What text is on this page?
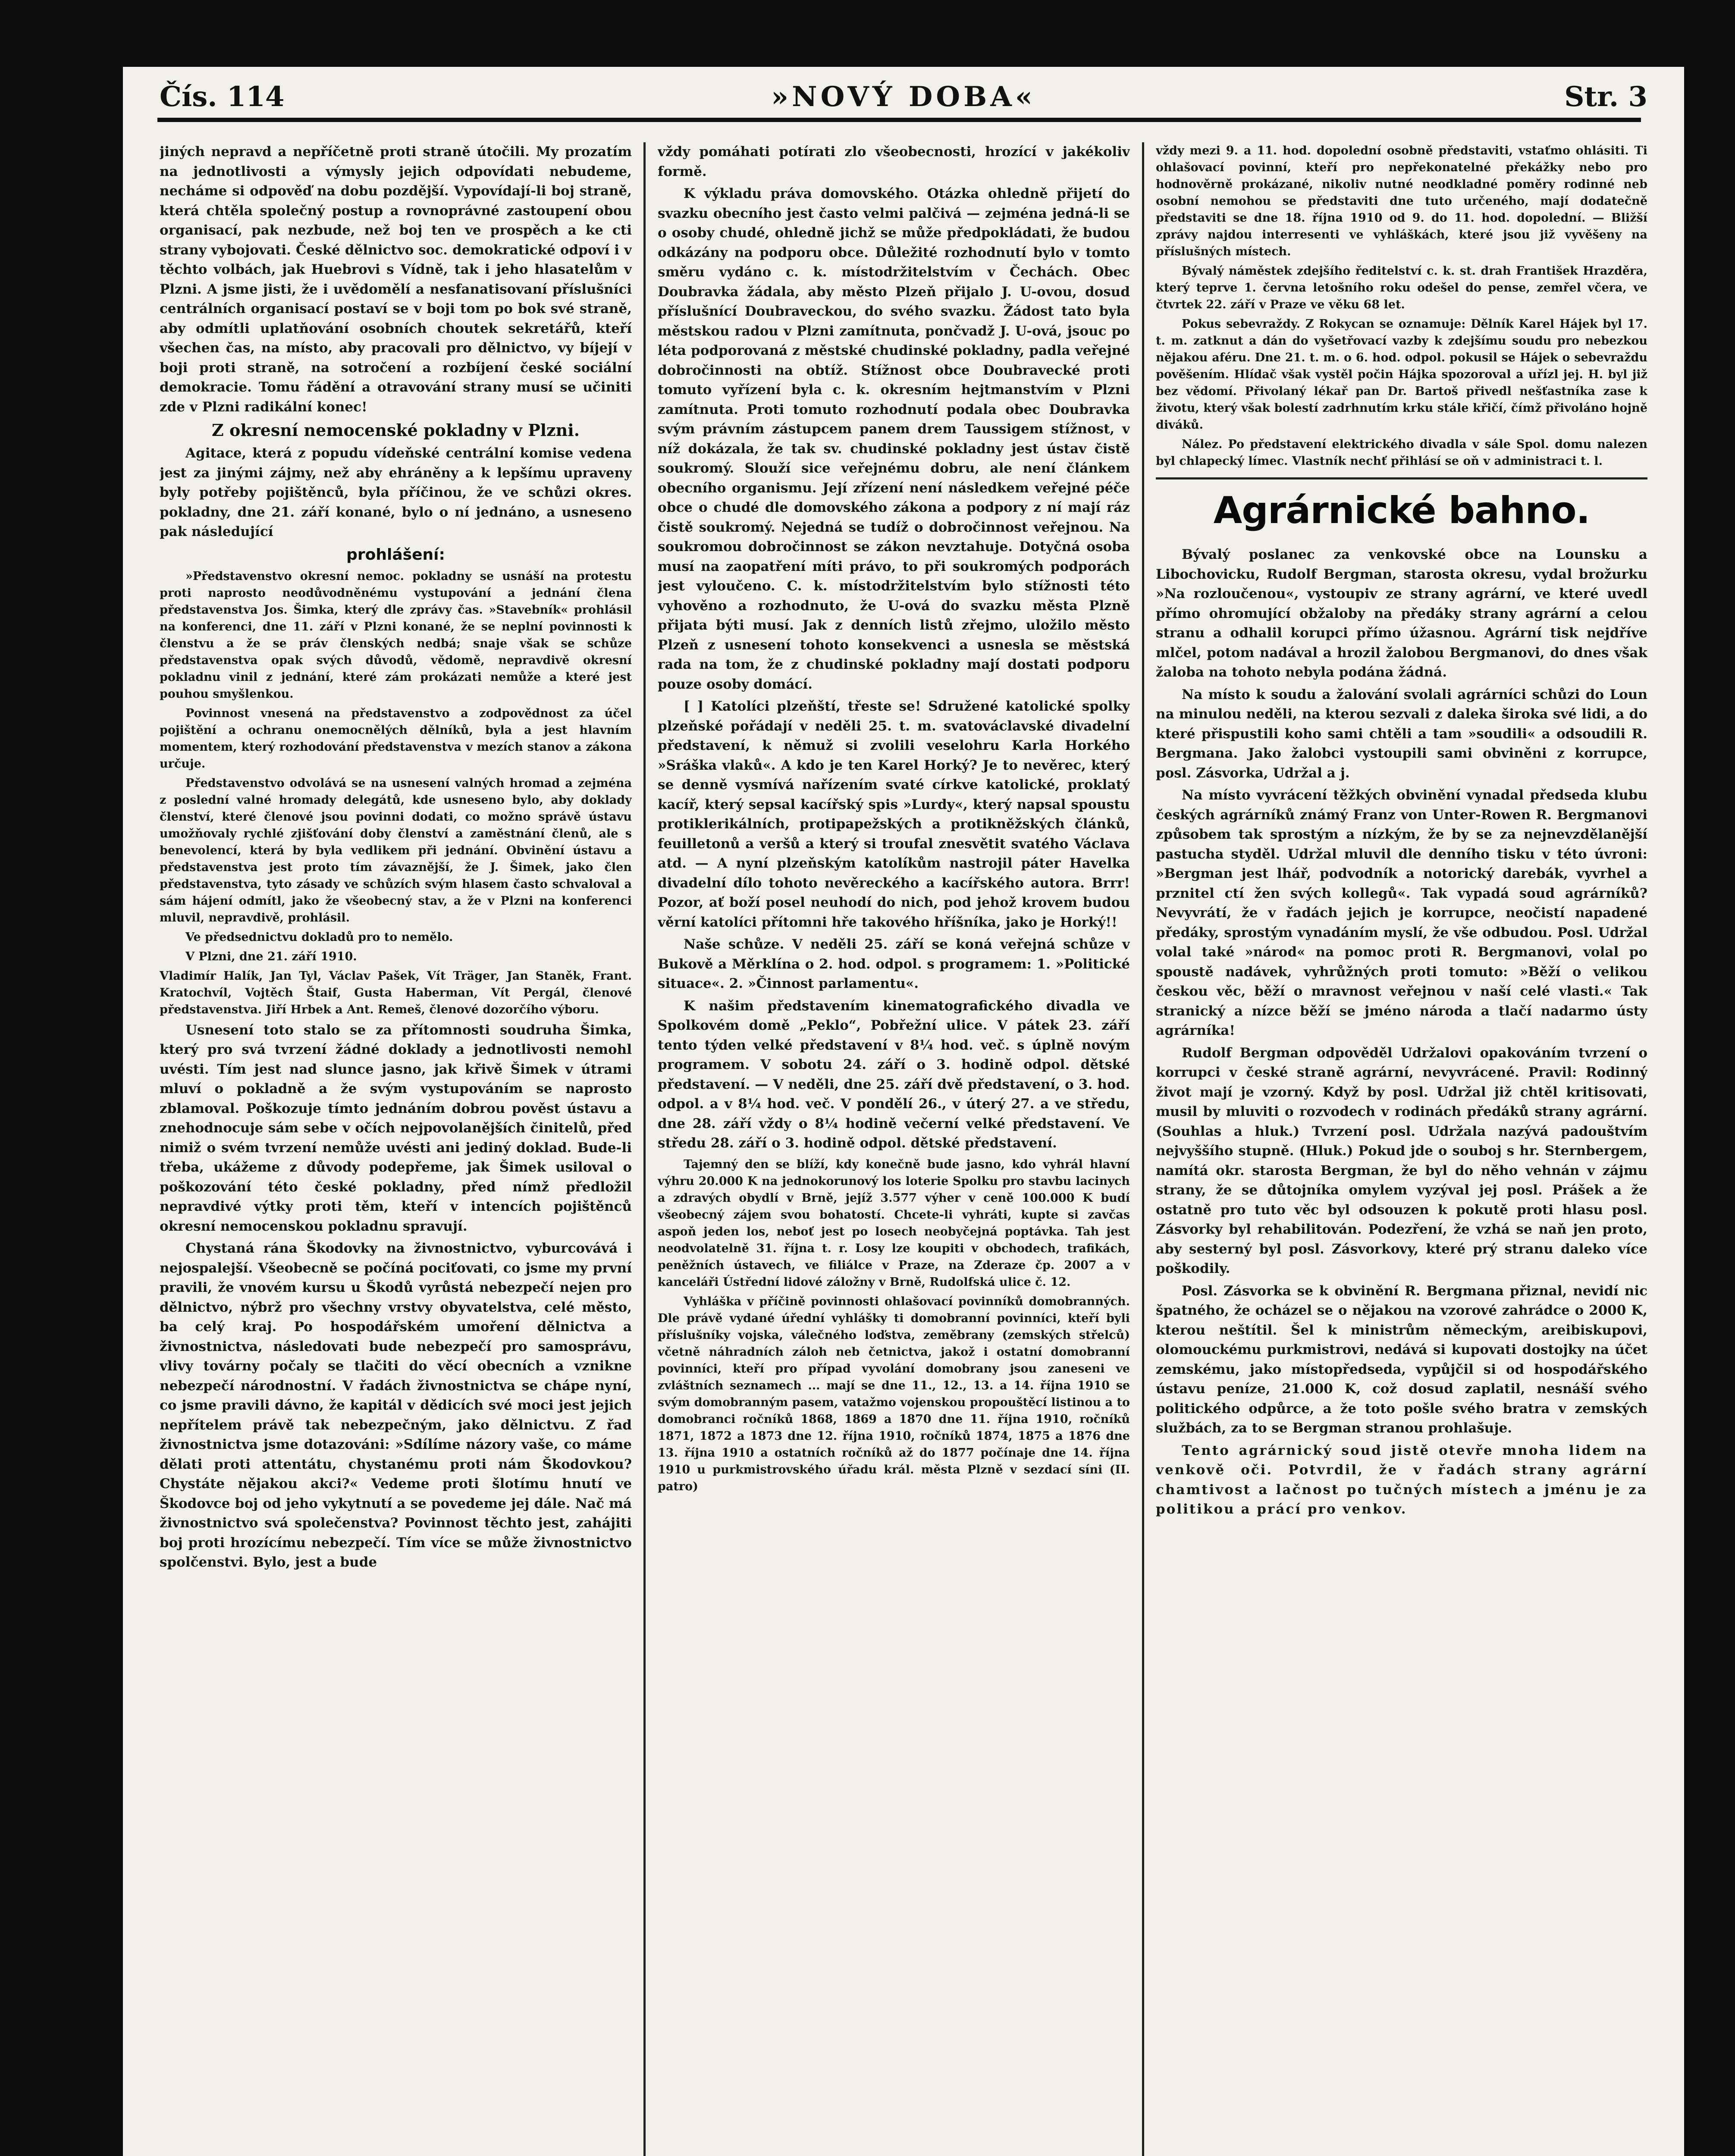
Čís. 114	»NOVÝ DOBA«	Str. 3

jiných nepravd a nepříčetně proti straně útočili. My prozatím na jednotlivosti a výmysly jejich odpovídati nebudeme, necháme si odpověď na dobu pozdější. Vypovídají-li boj straně, která chtěla společný postup a rovnoprávné zastoupení obou organisací, pak nezbude, než boj ten ve prospěch a ke cti strany vybojovati. České dělnictvo soc. demokratické odpoví i v těchto volbách, jak Huebrovi s Vídně, tak i jeho hlasatelům v Plzni. A jsme jisti, že i uvědomělí a nesfanatisovaní příslušníci centrálních organisací postaví se v boji tom po bok své straně, aby odmítli uplatňování osobních choutek sekretářů, kteří všechen čas, na místo, aby pracovali pro dělnictvo, vy bíjejí v boji proti straně, na sotročení a rozbíjení české sociální demokracie. Tomu řádění a otravování strany musí se učiniti zde v Plzni radikální konec!

Z okresní nemocenské pokladny v Plzni.

Agitace, která z popudu vídeňské centrální komise vedena jest za jinými zájmy, než aby ehráněny a k lepšímu upraveny byly potřeby pojištěnců, byla příčinou, že ve schůzi okres. pokladny, dne 21. září konané, bylo o ní jednáno, a usneseno pak následující

prohlášení:

»Představenstvo okresní nemoc. pokladny se usnáší na protestu proti naprosto neodůvodněnému vystupování a jednání člena představenstva Jos. Šimka, který dle zprávy čas. »Stavebník« prohlásil na konferenci, dne 11. září v Plzni konané, že se neplní povinnosti k členstvu a že se práv členských nedbá; snaje však se schůze představenstva opak svých důvodů, vědomě, nepravdivě okresní pokladnu vinil z jednání, které zám prokázati nemůže a které jest pouhou smyšlenkou.

Povinnost vnesená na představenstvo a zodpovědnost za účel pojištění a ochranu onemocnělých dělníků, byla a jest hlavním momentem, který rozhodování představenstva v mezích stanov a zákona určuje.

Představenstvo odvolává se na usnesení valných hromad a zejména z poslední valné hromady delegátů, kde usneseno bylo, aby doklady členství, které členové jsou povinni dodati, co možno správě ústavu umožňovaly rychlé zjišťování doby členství a zaměstnání členů, ale s benevolencí, která by byla vedlikem při jednání. Obvinění ústavu a představenstva jest proto tím závaznější, že J. Šimek, jako člen představenstva, tyto zásady ve schůzích svým hlasem často schvaloval a sám hájení odmítl, jako že všeobecný stav, a že v Plzni na konferenci mluvil, nepravdivě, prohlásil.

Ve předsednictvu dokladů pro to nemělo.

V Plzni, dne 21. září 1910.

Vladimír Halík, Jan Tyl, Václav Pašek, Vít Träger, Jan Staněk, Frant. Kratochvíl, Vojtěch Štaif, Gusta Haberman, Vít Pergál, členové představenstva. Jiří Hrbek a Ant. Remeš, členové dozorčího výboru.

Usnesení toto stalo se za přítomnosti soudruha Šimka, který pro svá tvrzení žádné doklady a jednotlivosti nemohl uvésti. Tím jest nad slunce jasno, jak křivě Šimek v útrami mluví o pokladně a že svým vystupováním se naprosto zblamoval. Poškozuje tímto jednáním dobrou pověst ústavu a znehodnocuje sám sebe v očích nejpovolanějších činitelů, před nimiž o svém tvrzení nemůže uvésti ani jediný doklad. Bude-li třeba, ukážeme z důvody podepřeme, jak Šimek usiloval o poškozování této české pokladny, před nímž předložil nepravdivé výtky proti těm, kteří v intencích pojištěnců okresní nemocenskou pokladnu spravují.

Chystaná rána Škodovky na živnostnictvo, vyburcovává i nejospalejší. Všeobecně se počíná pociťovati, co jsme my první pravili, že vnovém kursu u Škodů vyrůstá nebezpečí nejen pro dělnictvo, nýbrž pro všechny vrstvy obyvatelstva, celé město, ba celý kraj. Po hospodářském umoření dělnictva a živnostnictva, následovati bude nebezpečí pro samosprávu, vlivy továrny počaly se tlačiti do věcí obecních a vznikne nebezpečí národnostní. V řadách živnostnictva se chápe nyní, co jsme pravili dávno, že kapitál v dědicích své moci jest jejich nepřítelem právě tak nebezpečným, jako dělnictvu. Z řad živnostnictva jsme dotazováni: »Sdílíme názory vaše, co máme dělati proti attentátu, chystanému proti nám Škodovkou? Chystáte nějakou akci?« Vedeme proti šlotímu hnutí ve Škodovce boj od jeho vykytnutí a se povedeme jej dále. Nač má živnostnictvo svá společenstva? Povinnost těchto jest, zahájiti boj proti hrozícímu nebezpečí. Tím více se může živnostnictvo spolčenstvi. Bylo, jest a bude

vždy pomáhati potírati zlo všeobecnosti, hrozící v jakékoliv formě.

K výkladu práva domovského. Otázka ohledně přijetí do svazku obecního jest často velmi palčivá — zejména jedná-li se o osoby chudé, ohledně jichž se může předpokládati, že budou odkázány na podporu obce. Důležité rozhodnutí bylo v tomto směru vydáno c. k. místodržitelstvím v Čechách. Obec Doubravka žádala, aby město Plzeň přijalo J. U-ovou, dosud příslušnící Doubraveckou, do svého svazku. Žádost tato byla městskou radou v Plzni zamítnuta, pončvadž J. U-ová, jsouc po léta podporovaná z městské chudinské pokladny, padla veřejné dobročinnosti na obtíž. Stížnost obce Doubravecké proti tomuto vyřízení byla c. k. okresním hejtmanstvím v Plzni zamítnuta. Proti tomuto rozhodnutí podala obec Doubravka svým právním zástupcem panem drem Taussigem stížnost, v níž dokázala, že tak sv. chudinské pokladny jest ústav čistě soukromý. Slouží sice veřejnému dobru, ale není článkem obecního organismu. Její zřízení není následkem veřejné péče obce o chudé dle domovského zákona a podpory z ní mají ráz čistě soukromý. Nejedná se tudíž o dobročinnost veřejnou. Na soukromou dobročinnost se zákon nevztahuje. Dotyčná osoba musí na zaopatření míti právo, to při soukromých podporách jest vyloučeno. C. k. místodržitelstvím bylo stížnosti této vyhověno a rozhodnuto, že U-ová do svazku města Plzně přijata býti musí. Jak z denních listů zřejmo, uložilo město Plzeň z usnesení tohoto konsekvenci a usnesla se městská rada na tom, že z chudinské pokladny mají dostati podporu pouze osoby domácí.

[ ] Katolíci plzeňští, třeste se! Sdružené katolické spolky plzeňské pořádají v neděli 25. t. m. svatováclavské divadelní představení, k němuž si zvolili veselohru Karla Horkého »Sráška vlaků«. A kdo je ten Karel Horký? Je to nevěrec, který se denně vysmívá nařízením svaté církve katolické, proklatý kacíř, který sepsal kacířský spis »Lurdy«, který napsal spoustu protiklerikálních, protipapežských a protikněžských článků, feuilletonů a veršů a který si troufal znesvětit svatého Václava atd. — A nyní plzeňským katolíkům nastrojil páter Havelka divadelní dílo tohoto nevěreckého a kacířského autora. Brrr! Pozor, ať boží posel neuhodí do nich, pod jehož krovem budou věrní katolíci přítomni hře takového hříšníka, jako je Horký!!

Naše schůze. V neděli 25. září se koná veřejná schůze v Bukově a Měrklína o 2. hod. odpol. s programem: 1. »Politické situace«. 2. »Činnost parlamentu«.

K našim představením kinematografického divadla ve Spolkovém domě „Peklo“, Pobřežní ulice. V pátek 23. září tento týden velké představení v 8¼ hod. več. s úplně novým programem. V sobotu 24. září o 3. hodině odpol. dětské představení. — V neděli, dne 25. září dvě představení, o 3. hod. odpol. a v 8¼ hod. več. V pondělí 26., v úterý 27. a ve středu, dne 28. září vždy o 8¼ hodině večerní velké představení. Ve středu 28. září o 3. hodině odpol. dětské představení.

Tajemný den se blíží, kdy konečně bude jasno, kdo vyhrál hlavní výhru 20.000 K na jednokorunový los loterie Spolku pro stavbu lacinych a zdravých obydlí v Brně, jejíž 3.577 výher v ceně 100.000 K budí všeobecný zájem svou bohatostí. Chcete-li vyhráti, kupte si zavčas aspoň jeden los, neboť jest po losech neobyčejná poptávka. Tah jest neodvolatelně 31. října t. r. Losy lze koupiti v obchodech, trafikách, peněžních ústavech, ve filiálce v Praze, na Zderaze čp. 2007 a v kanceláři Ústřední lidové záložny v Brně, Rudolfská ulice č. 12.

Vyhláška v příčině povinnosti ohlašovací povinníků domobranných. Dle právě vydané úřední vyhlášky ti domobranní povinníci, kteří byli příslušníky vojska, válečného loďstva, zeměbrany (zemských střelců) včetně náhradních záloh neb četnictva, jakož i ostatní domobranní povinníci, kteří pro případ vyvolání domobrany jsou zaneseni ve zvláštních seznamech ... mají se dne 11., 12., 13. a 14. října 1910 se svým domobranným pasem, vatažmo vojenskou propouštěcí listinou a to domobranci ročníků 1868, 1869 a 1870 dne 11. října 1910, ročníků 1871, 1872 a 1873 dne 12. října 1910, ročníků 1874, 1875 a 1876 dne 13. října 1910 a ostatních ročníků až do 1877 počínaje dne 14. října 1910 u purkmistrovského úřadu král. města Plzně v sezdací síni (II. patro)

vždy mezi 9. a 11. hod. dopolední osobně představiti, vstaťmo ohlásiti. Ti ohlašovací povinní, kteří pro nepřekonatelné překážky nebo pro hodnověrně prokázané, nikoliv nutné neodkladné poměry rodinné neb osobní nemohou se představiti dne tuto určeného, mají dodatečně představiti se dne 18. října 1910 od 9. do 11. hod. dopolední. — Bližší zprávy najdou interresenti ve vyhláškách, které jsou již vyvěšeny na příslušných místech.

Bývalý náměstek zdejšího ředitelství c. k. st. drah František Hrazděra, který teprve 1. června letošního roku odešel do pense, zemřel včera, ve čtvrtek 22. září v Praze ve věku 68 let.

Pokus sebevraždy. Z Rokycan se oznamuje: Dělník Karel Hájek byl 17. t. m. zatknut a dán do vyšetřovací vazby k zdejšímu soudu pro nebezkou nějakou aféru. Dne 21. t. m. o 6. hod. odpol. pokusil se Hájek o sebevraždu pověšením. Hlídač však vystěl počin Hájka spozoroval a uřízl jej. H. byl již bez vědomí. Přivolaný lékař pan Dr. Bartoš přivedl nešťastníka zase k životu, který však bolestí zadrhnutím krku stále křičí, čímž přivoláno hojně diváků.

Nález. Po představení elektrického divadla v sále Spol. domu nalezen byl chlapecký límec. Vlastník nechť přihlásí se oň v administraci t. l.

Agrárnické bahno.

Bývalý poslanec za venkovské obce na Lounsku a Libochovicku, Rudolf Bergman, starosta okresu, vydal brožurku »Na rozloučenou«, vystoupiv ze strany agrární, ve které uvedl přímo ohromující obžaloby na předáky strany agrární a celou stranu a odhalil korupci přímo úžasnou. Agrární tisk nejdříve mlčel, potom nadával a hrozil žalobou Bergmanovi, do dnes však žaloba na tohoto nebyla podána žádná.

Na místo k soudu a žalování svolali agrárníci schůzi do Loun na minulou neděli, na kterou sezvali z daleka široka své lidi, a do které přispustili koho sami chtěli a tam »soudili« a odsoudili R. Bergmana. Jako žalobci vystoupili sami obviněni z korrupce, posl. Zásvorka, Udržal a j.

Na místo vyvrácení těžkých obvinění vynadal předseda klubu českých agrárníků známý Franz von Unter-Rowen R. Bergmanovi způsobem tak sprostým a nízkým, že by se za nejnevzdělanější pastucha styděl. Udržal mluvil dle denního tisku v této úvroni: »Bergman jest lhář, podvodník a notorický darebák, vyvrhel a prznitel ctí žen svých kollegů«. Tak vypadá soud agrárníků? Nevyvrátí, že v řadách jejich je korrupce, neočistí napadené předáky, sprostým vynadáním myslí, že vše odbudou. Posl. Udržal volal také »národ« na pomoc proti R. Bergmanovi, volal po spoustě nadávek, vyhrůžných proti tomuto: »Běží o velikou českou věc, běží o mravnost veřejnou v naší celé vlasti.« Tak stranický a nízce běží se jméno národa a tlačí nadarmo ústy agrárníka!

Rudolf Bergman odpověděl Udržalovi opakováním tvrzení o korrupci v české straně agrární, nevyvrácené. Pravil: Rodinný život mají je vzorný. Když by posl. Udržal již chtěl kritisovati, musil by mluviti o rozvodech v rodinách předáků strany agrární. (Souhlas a hluk.) Tvrzení posl. Udržala nazývá padouštvím nejvyššího stupně. (Hluk.) Pokud jde o souboj s hr. Sternbergem, namítá okr. starosta Bergman, že byl do něho vehnán v zájmu strany, že se důtojníka omylem vyzýval jej posl. Prášek a že ostatně pro tuto věc byl odsouzen k pokutě proti hlasu posl. Zásvorky byl rehabilitován. Podezření, že vzhá se naň jen proto, aby sesterný byl posl. Zásvorkovy, které prý stranu daleko více poškodily.

Posl. Zásvorka se k obvinění R. Bergmana přiznal, nevidí nic špatného, že ocházel se o nějakou na vzorové zahrádce o 2000 K, kterou neštítil. Šel k ministrům německým, areibiskupovi, olomouckému purkmistrovi, nedává si kupovati dostojky na účet zemskému, jako místopředseda, vypůjčil si od hospodářského ústavu peníze, 21.000 K, což dosud zaplatil, nesnáší svého politického odpůrce, a že toto pošle svého bratra v zemských službách, za to se Bergman stranou prohlašuje.

Tento agrárnický soud jistě otevře mnoha lidem na venkově oči. Potvrdil, že v řadách strany agrární chamtivost a lačnost po tučných místech a jménu je za politikou a prácí pro venkov.
